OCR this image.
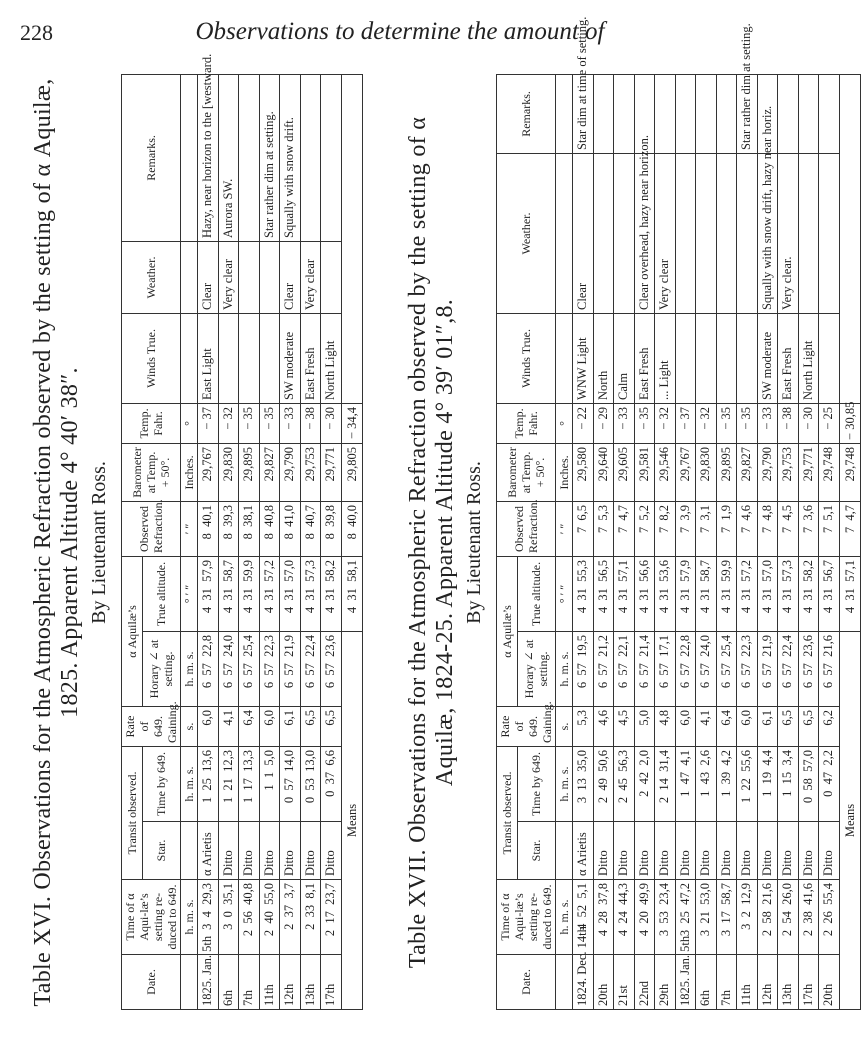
228	Observations to determine the amount of
Table XVI. Observations for the Atmospheric Refraction observed by the setting of α Aquilæ, 1825. Apparent Altitude 4° 40′ 38″. By Lieutenant Ross.
Date.	Time of α Aqui-læ’s setting re-duced to 649.	Transit observed.		Rate of 649. Gaining.	α Aquilæ’s		Observed Refraction.	Barometer at Temp. + 50°.	Temp. Fahr.	Winds True.	Weather.	Remarks.
		Star.	Time by 649.		Horary ∠ at setting.	True altitude.						
	h. m. s.		h. m. s.	s.	h. m. s.	° ′ ″	′ ″	Inches.	°			
1825. Jan. 5th	3  4  29,3	α Arietis	1  25  13,6	6,0	6  57  22,8	4  31  57,9	8  40,1	29,767	− 37	East Light	Clear	Hazy, near horizon to the [westward.
6th	3  0  35,1	Ditto	1  21  12,3	4,1	6  57  24,0	4  31  58,7	8  39,3	29,830	− 32		Very clear	Aurora SW.
7th	2  56  40,8	Ditto	1  17  13,3	6,4	6  57  25,4	4  31  59,9	8  38,1	29,895	− 35			
11th	2  40  55,0	Ditto	1  1  5,0	6,0	6  57  22,3	4  31  57,2	8  40,8	29,827	− 35			Star rather dim at setting.
12th	2  37  3,7	Ditto	0  57  14,0	6,1	6  57  21,9	4  31  57,0	8  41,0	29,790	− 33	SW moderate	Clear	Squally with snow drift.
13th	2  33  8,1	Ditto	0  53  13,0	6,5	6  57  22,4	4  31  57,3	8  40,7	29,753	− 38	East Fresh	Very clear	
17th	2  17  23,7	Ditto	0  37  6,6	6,5	6  57  23,6	4  31  58,2	8  39,8	29,771	− 30	North Light		
Means						4  31  58,1	8  40,0	29,805	− 34,4			Table XVII. Observations for the Atmospheric Refraction observed by the setting of α Aquilæ, 1824-25. Apparent Altitude 4° 39′ 01″,8. By Lieutenant Ross.
Date.	Time of α Aqui-læ’s setting re-duced to 649.	Transit observed.		Rate of 649. Gaining.	α Aquilæ’s		Observed Refraction.	Barometer at Temp. + 50°.	Temp. Fahr.	Winds True.	Weather.	Remarks.
		Star.	Time by 649.		Horary ∠ at setting.	True altitude.						
	h. m. s.		h. m. s.	s.	h. m. s.	° ′ ″	′ ″	Inches.	°			
1824. Dec. 14th	4  52  5,1	α Arietis	3  13  35,0	5,3	6  57  19,5	4  31  55,3	7  6,5	29,580	− 22	WNW Light	Clear	Star dim at time of setting.
20th	4  28  37,8	Ditto	2  49  50,6	4,6	6  57  21,2	4  31  56,5	7  5,3	29,640	− 29	North		
21st	4  24  44,3	Ditto	2  45  56,3	4,5	6  57  22,1	4  31  57,1	7  4,7	29,605	− 33	Calm		
22nd	4  20  49,9	Ditto	2  42  2,0	5,0	6  57  21,4	4  31  56,6	7  5,2	29,581	− 35	East Fresh	Clear overhead, hazy near horizon.	
29th	3  53  23,4	Ditto	2  14  31,4	4,8	6  57  17,1	4  31  53,6	7  8,2	29,546	− 32	... Light	Very clear	
1825. Jan. 5th	3  25  47,2	Ditto	1  47  4,1	6,0	6  57  22,8	4  31  57,9	7  3,9	29,767	− 37			
6th	3  21  53,0	Ditto	1  43  2,6	4,1	6  57  24,0	4  31  58,7	7  3,1	29,830	− 32			
7th	3  17  58,7	Ditto	1  39  4,2	6,4	6  57  25,4	4  31  59,9	7  1,9	29,895	− 35			
11th	3  2  12,9	Ditto	1  22  55,6	6,0	6  57  22,3	4  31  57,2	7  4,6	29,827	− 35			Star rather dim at setting.
12th	2  58  21,6	Ditto	1  19  4,4	6,1	6  57  21,9	4  31  57,0	7  4,8	29,790	− 33	SW moderate	Squally with snow drift, hazy near horiz.	
13th	2  54  26,0	Ditto	1  15  3,4	6,5	6  57  22,4	4  31  57,3	7  4,5	29,753	− 38	East Fresh	Very clear.	
17th	2  38  41,6	Ditto	0  58  57,0	6,5	6  57  23,6	4  31  58,2	7  3,6	29,771	− 30	North Light		
20th	2  26  55,4	Ditto	0  47  2,2	6,2	6  57  21,6	4  31  56,7	7  5,1	29,748	− 25			
Means						4  31  57,1	7  4,7	29,748	− 30,85			
